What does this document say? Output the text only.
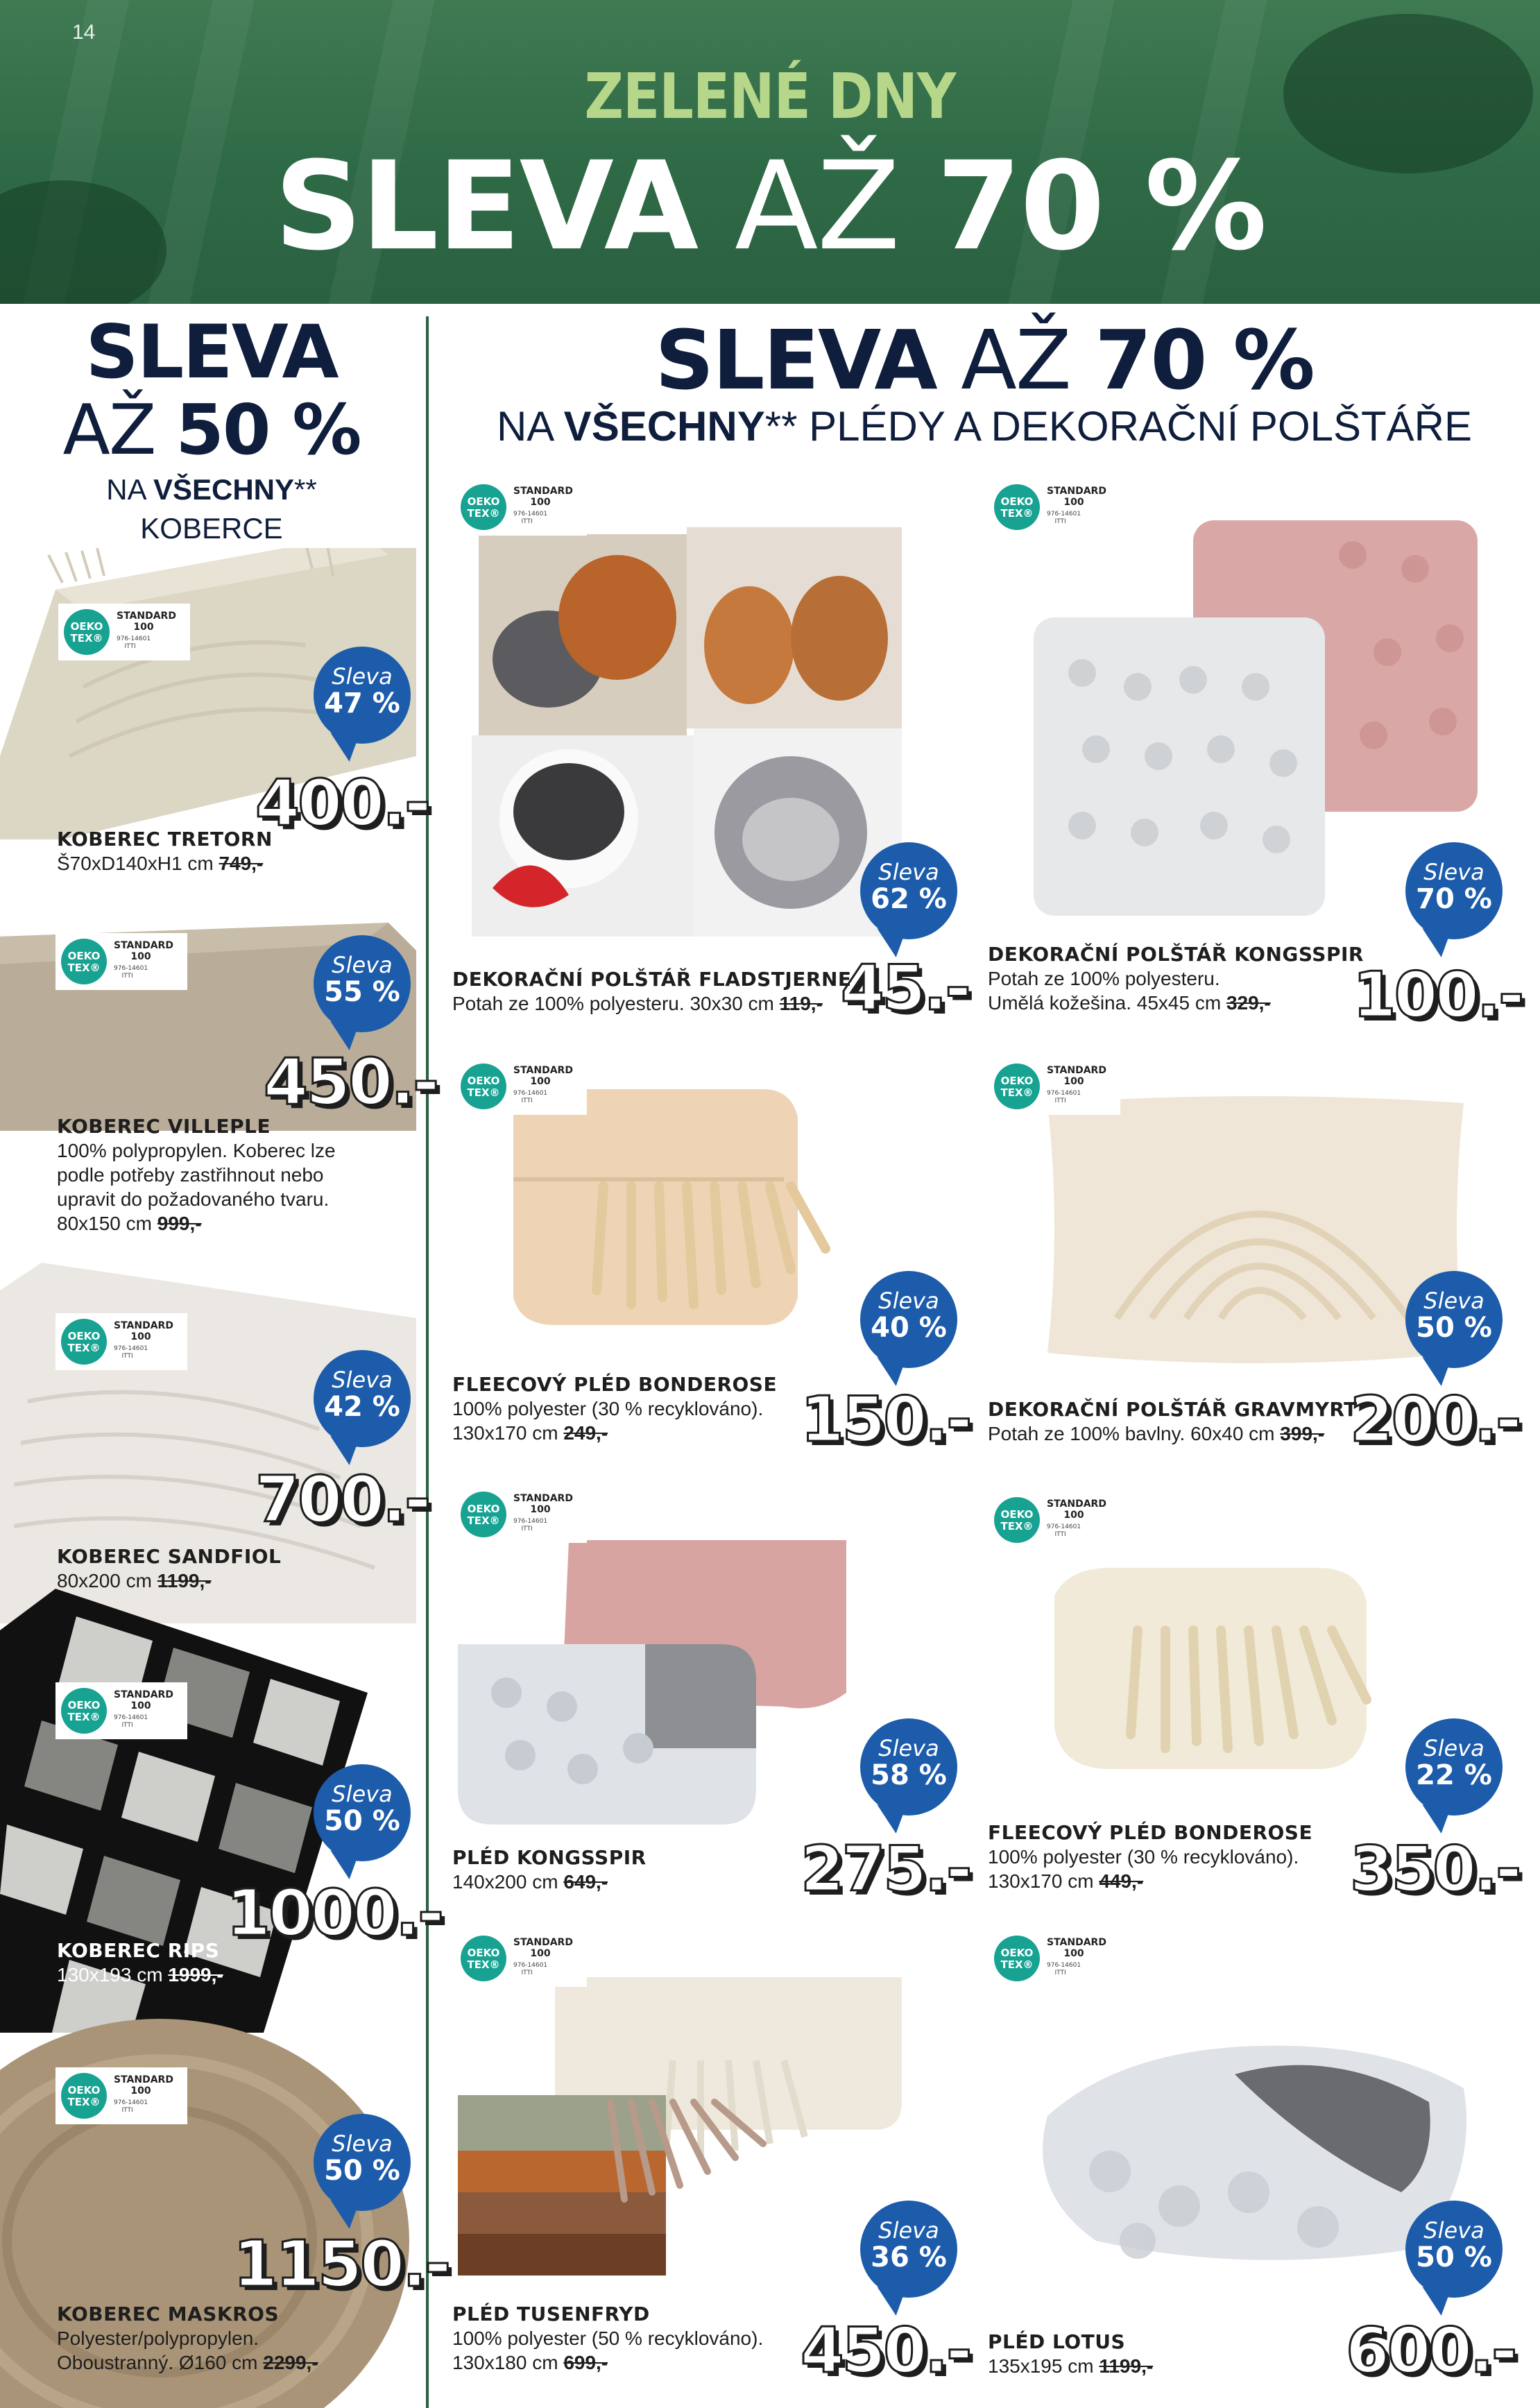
14
ZELENÉ DNY
SLEVA AŽ 70 %
SLEVA
AŽ 50 %
NA VŠECHNY**
KOBERCE
SLEVA AŽ 70 %
NA VŠECHNY** PLÉDY A DEKORAČNÍ POLŠTÁŘE
OEKO
TEX®
STANDARD
100
976-14601
ITTI
OEKO
TEX®
STANDARD
100
976-14601
ITTI
OEKO
TEX®
STANDARD
100
976-14601
ITTI
OEKO
TEX®
STANDARD
100
976-14601
ITTI
OEKO
TEX®
STANDARD
100
976-14601
ITTI
OEKO
TEX®
STANDARD
100
976-14601
ITTI
OEKO
TEX®
STANDARD
100
976-14601
ITTI
OEKO
TEX®
STANDARD
100
976-14601
ITTI
OEKO
TEX®
STANDARD
100
976-14601
ITTI
OEKO
TEX®
STANDARD
100
976-14601
ITTI
OEKO
TEX®
STANDARD
100
976-14601
ITTI
OEKO
TEX®
STANDARD
100
976-14601
ITTI
OEKO
TEX®
STANDARD
100
976-14601
ITTI
Sleva
47 %
Sleva
55 %
Sleva
42 %
Sleva
50 %
Sleva
50 %
Sleva
62 %
Sleva
70 %
Sleva
40 %
Sleva
50 %
Sleva
58 %
Sleva
22 %
Sleva
36 %
Sleva
50 %
400.-
450.-
700.-
1000.-
1150.-
45.-	100.-
150.-	200.-
275.-	350.-
450.-	600.-
KOBEREC TRETORN
Š70xD140xH1 cm 749,-
KOBEREC VILLEPLE
100% polypropylen. Koberec lze
podle potřeby zastřihnout nebo
upravit do požadovaného tvaru.
80x150 cm 999,-
KOBEREC SANDFIOL
80x200 cm 1199,-
KOBEREC RIPS
130x193 cm 1999,-
KOBEREC MASKROS
Polyester/polypropylen.
Oboustranný. Ø160 cm 2299,-
DEKORAČNÍ POLŠTÁŘ FLADSTJERNE
Potah ze 100% polyesteru. 30x30 cm 119,-
DEKORAČNÍ POLŠTÁŘ KONGSSPIR
Potah ze 100% polyesteru.
Umělá kožešina. 45x45 cm 329,-
FLEECOVÝ PLÉD BONDEROSE
100% polyester (30 % recyklováno).
130x170 cm 249,-
DEKORAČNÍ POLŠTÁŘ GRAVMYRT
Potah ze 100% bavlny. 60x40 cm 399,-
PLÉD KONGSSPIR
140x200 cm 649,-
FLEECOVÝ PLÉD BONDEROSE
100% polyester (30 % recyklováno).
130x170 cm 449,-
PLÉD TUSENFRYD
100% polyester (50 % recyklováno).
130x180 cm 699,-
PLÉD LOTUS
135x195 cm 1199,-
